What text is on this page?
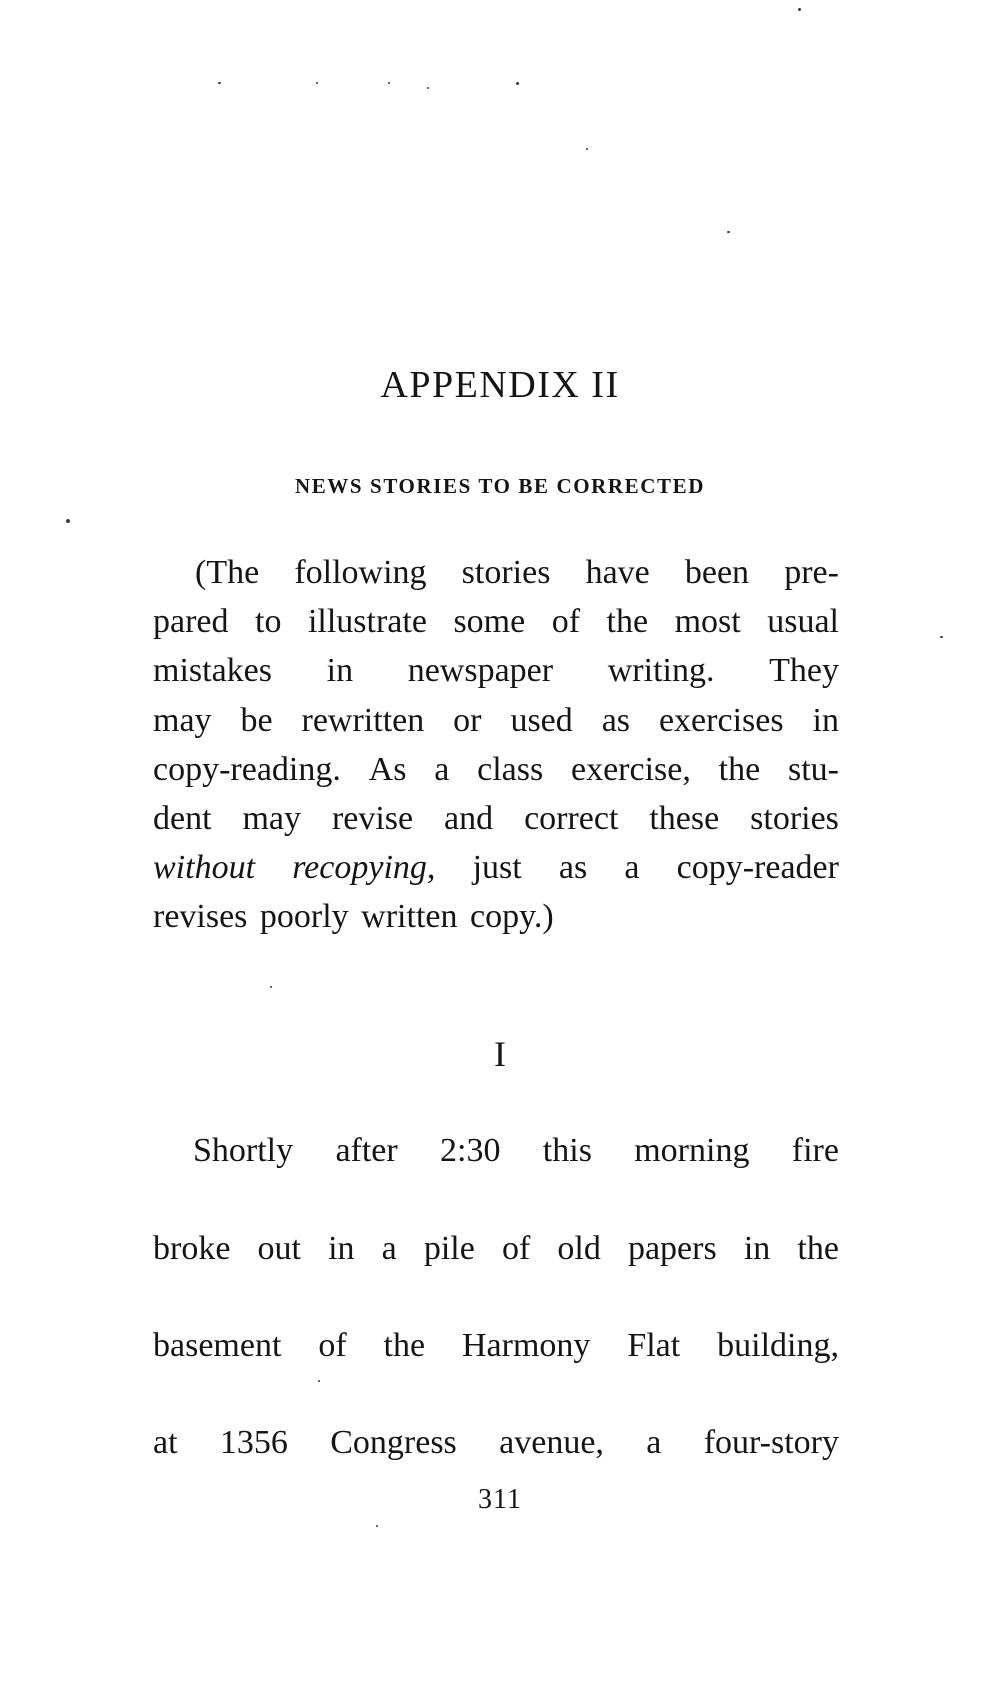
APPENDIX II
NEWS STORIES TO BE CORRECTED
(The following stories have been pre-
pared to illustrate some of the most usual
mistakes in newspaper writing. They
may be rewritten or used as exercises in
copy-reading. As a class exercise, the stu-
dent may revise and correct these stories
without recopying, just as a copy-reader
revises poorly written copy.)
I
Shortly after 2:30 this morning fire
broke out in a pile of old papers in the
basement of the Harmony Flat building,
at 1356 Congress avenue, a four-story
311
